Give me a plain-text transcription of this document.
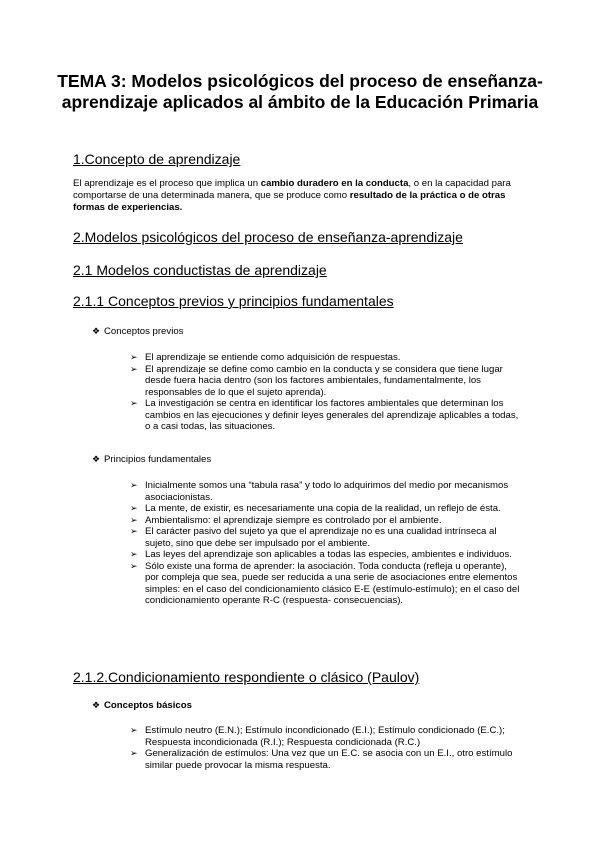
TEMA 3: Modelos psicológicos del proceso de enseñanza-aprendizaje aplicados al ámbito de la Educación Primaria
1.Concepto de aprendizaje

El aprendizaje es el proceso que implica un cambio duradero en la conducta, o en la capacidad para comportarse de una determinada manera, que se produce como resultado de la práctica o de otras formas de experiencias.

2.Modelos psicológicos del proceso de enseñanza-aprendizaje
2.1 Modelos conductistas de aprendizaje
2.1.1 Conceptos previos y principios fundamentales
❖ Conceptos previos
➢ El aprendizaje se entiende como adquisición de respuestas.
➢ El aprendizaje se define como cambio en la conducta y se considera que tiene lugar desde fuera hacia dentro (son los factores ambientales, fundamentalmente, los responsables de lo que el sujeto aprenda).
➢ La investigación se centra en identificar los factores ambientales que determinan los cambios en las ejecuciones y definir leyes generales del aprendizaje aplicables a todas, o a casi todas, las situaciones.
❖ Principios fundamentales
➢ Inicialmente somos una “tabula rasa” y todo lo adquirimos del medio por mecanismos asociacionistas.
➢ La mente, de existir, es necesariamente una copia de la realidad, un reflejo de ésta.
➢ Ambientalismo: el aprendizaje siempre es controlado por el ambiente.
➢ El carácter pasivo del sujeto ya que el aprendizaje no es una cualidad intrínseca al sujeto, sino que debe ser impulsado por el ambiente.
➢ Las leyes del aprendizaje son aplicables a todas las especies, ambientes e individuos.
➢ Sólo existe una forma de aprender: la asociación. Toda conducta (refleja u operante), por compleja que sea, puede ser reducida a una serie de asociaciones entre elementos simples: en el caso del condicionamiento clásico E-E (estímulo-estímulo); en el caso del condicionamiento operante R-C (respuesta- consecuencias).
2.1.2.Condicionamiento respondiente o clásico (Paulov)
❖ Conceptos básicos
➢ Estímulo neutro (E.N.); Estímulo incondicionado (E.I.); Estímulo condicionado (E.C.); Respuesta incondicionada (R.I.); Respuesta condicionada (R.C.)
➢ Generalización de estímulos: Una vez que un E.C. se asocia con un E.I., otro estímulo similar puede provocar la misma respuesta.
